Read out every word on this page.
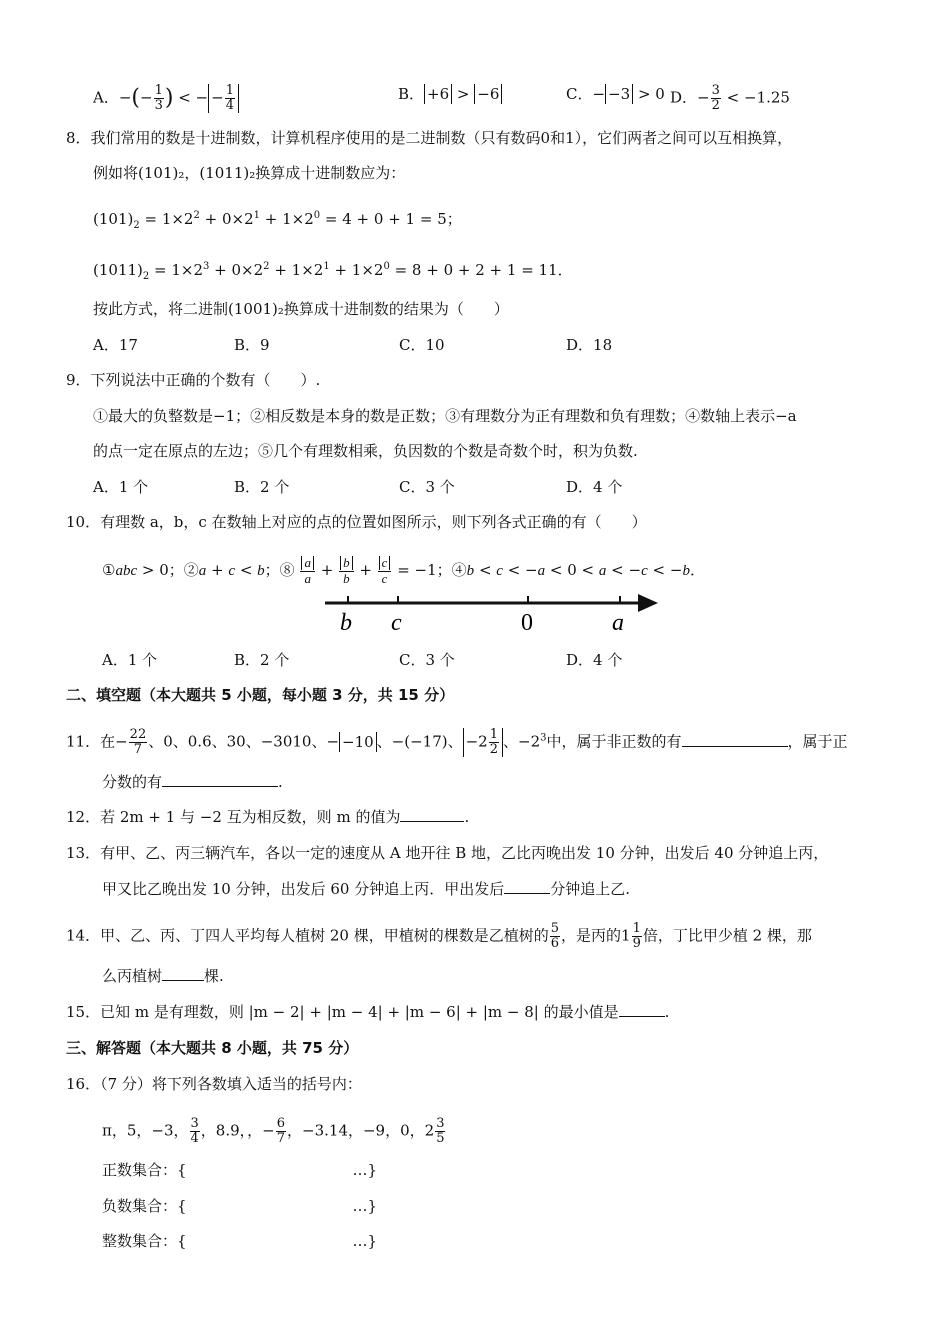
A．−(− $\frac{1}{3}$ ) < − − $\frac{1}{4}$	B． +6 > −6	C．− −3 > 0 D．− $\frac{3}{2} < -1.25$
8．我们常用的数是十进制数，计算机程序使用的是二进制数（只有数码0和1），它们两者之间可以互相换算，
例如将(101)₂，(1011)₂换算成十进制数应为：
$(101)_2 = 1\times 2^2 + 0\times 2^1 + 1\times 2^0 = 4 + 0 + 1 = 5$；
$(1011)_2 = 1\times 2^3 + 0\times 2^2 + 1\times 2^1 + 1\times 2^0 = 8 + 0 + 2 + 1 = 11$．
按此方式，将二进制(1001)₂换算成十进制数的结果为（　　）
A．17	B．9	C．10	D．18
9．下列说法中正确的个数有（　　）.
①最大的负整数是−1；②相反数是本身的数是正数；③有理数分为正有理数和负有理数；④数轴上表示−a
的点一定在原点的左边；⑤几个有理数相乘，负因数的个数是奇数个时，积为负数.
A．1 个	B．2 个	C．3 个	D．4 个
10．有理数 a，b，c 在数轴上对应的点的位置如图所示，则下列各式正确的有（　　）
①abc > 0；②a + c < b；⑧ $\frac{a}{a} + \frac{b}{b} + \frac{c}{c} = -1$；④b < c < −a < 0 < a < −c < −b．
b c	0	a
A．1 个	B．2 个	C．3 个	D．4 个
二、填空题（本大题共 5 小题，每小题 3 分，共 15 分）
11．在− $\frac{22}{7}$ 、0、0.6、30、−3010、− −10 、−(−17)、 $-2 \frac{1}{2}$ 、$-2^3$中，属于非正数的有	，属于正
分数的有	.
12．若 2m + 1 与 −2 互为相反数，则 m 的值为	.
13．有甲、乙、丙三辆汽车，各以一定的速度从 A 地开往 B 地，乙比丙晚出发 10 分钟，出发后 40 分钟追上丙，
甲又比乙晚出发 10 分钟，出发后 60 分钟追上丙．甲出发后	分钟追上乙.
14．甲、乙、丙、丁四人平均每人植树 20 棵，甲植树的棵数是乙植树的 $\frac{5}{6}$ ，是丙的$1 \frac{1}{9}$ 倍，丁比甲少植 2 棵，那
么丙植树	棵.
15．已知 m 是有理数，则 |m − 2| + |m − 4| + |m − 6| + |m − 8| 的最小值是	.
三、解答题（本大题共 8 小题，共 75 分）
16．（7 分）将下列各数填入适当的括号内：
π，5，−3， $\frac{3}{4}$ ，8.9，，− $\frac{6}{7}$ ，−3.14，−9，0，$2 \frac{3}{5}$
正数集合：{	…}
负数集合：{	…}
整数集合：{	…}
